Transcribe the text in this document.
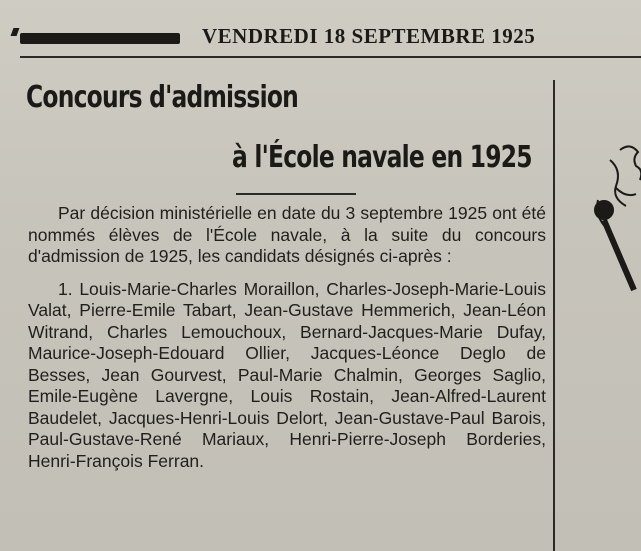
VENDREDI 18 SEPTEMBRE 1925
Concours d'admission
à l'École navale en 1925

Par décision ministérielle en date du 3 septembre 1925 ont été nommés élèves de l'École navale, à la suite du concours d'admission de 1925, les candidats désignés ci-après :

1. Louis-Marie-Charles Moraillon, Charles-Joseph-Marie-Louis Valat, Pierre-Emile Tabart, Jean-Gustave Hemmerich, Jean-Léon Witrand, Charles Lemouchoux, Bernard-Jacques-Marie Dufay, Maurice-Joseph-Edouard Ollier, Jacques-Léonce Deglo de Besses, Jean Gourvest, Paul-Marie Chalmin, Georges Saglio, Emile-Eugène Lavergne, Louis Rostain, Jean-Alfred-Laurent Baudelet, Jacques-Henri-Louis Delort, Jean-Gustave-Paul Barois, Paul-Gustave-René Mariaux, Henri-Pierre-Joseph Borderies, Henri-François Ferran.
